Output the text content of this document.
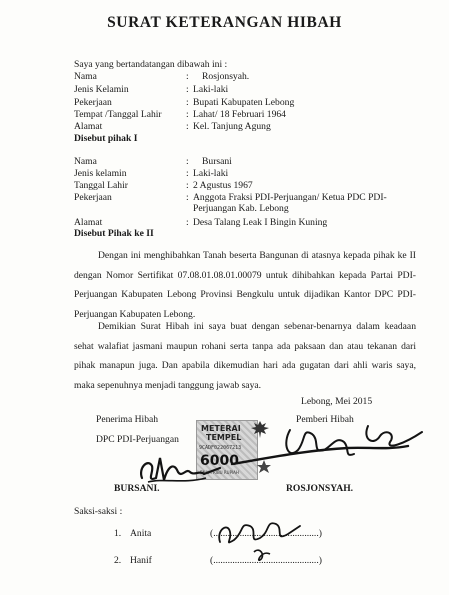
SURAT KETERANGAN HIBAH
Saya yang bertandatangan dibawah ini :
Nama	: Rosjonsyah.
Jenis Kelamin	: Laki-laki
Pekerjaan	: Bupati Kabupaten Lebong
Tempat /Tanggal Lahir	: Lahat/ 18 Februari 1964
Alamat	: Kel. Tanjung Agung
Disebut pihak I
Nama	: Bursani
Jenis kelamin	: Laki-laki
Tanggal Lahir	: 2 Agustus 1967
Pekerjaan	: Anggota Fraksi PDI-Perjuangan/ Ketua PDC PDI-
Perjuangan Kab. Lebong
Alamat	: Desa Talang Leak I Bingin Kuning
Disebut Pihak ke II
Dengan ini menghibahkan Tanah beserta Bangunan di atasnya kepada pihak ke II dengan Nomor Sertifikat 07.08.01.08.01.00079 untuk dihibahkan kepada Partai PDI-Perjuangan Kabupaten Lebong Provinsi Bengkulu untuk dijadikan Kantor DPC PDI-Perjuangan Kabupaten Lebong.
Demikian Surat Hibah ini saya buat dengan sebenar-benarnya dalam keadaan sehat walafiat jasmani maupun rohani serta tanpa ada paksaan dan atau tekanan dari pihak manapun juga. Dan apabila dikemudian hari ada gugatan dari ahli waris saya, maka sepenuhnya menjadi tanggung jawab saya.
Lebong, Mei 2015
Penerima Hibah	Pemberi Hibah
DPC PDI-Perjuangan
METERAI
TEMPEL
9CADF022067213
6000
ENAM RIBU RUPIAH
BURSANI.	ROSJONSYAH.
Saksi-saksi :
1. Anita	(............................................)
2. Hanif	(............................................)
